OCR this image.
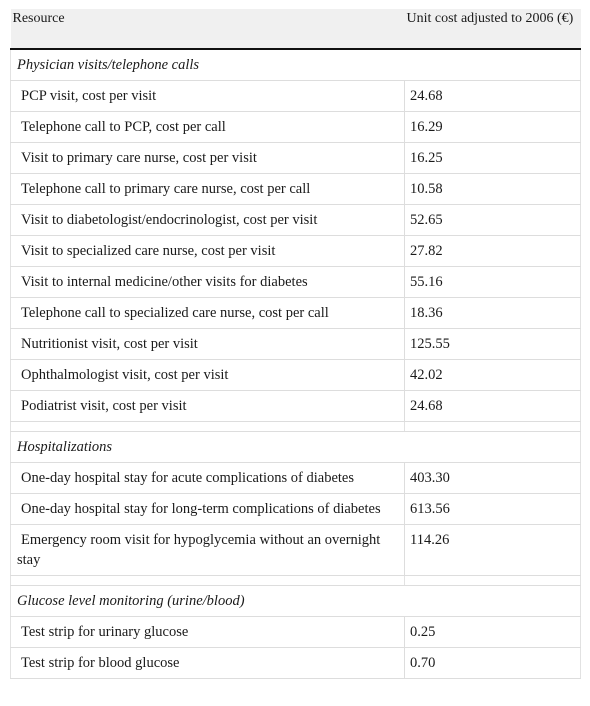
Resource	Unit cost adjusted to 2006 (€)
Physician visits/telephone calls	
PCP visit, cost per visit	24.68
Telephone call to PCP, cost per call	16.29
Visit to primary care nurse, cost per visit	16.25
Telephone call to primary care nurse, cost per call	10.58
Visit to diabetologist/endocrinologist, cost per visit	52.65
Visit to specialized care nurse, cost per visit	27.82
Visit to internal medicine/other visits for diabetes	55.16
Telephone call to specialized care nurse, cost per call	18.36
Nutritionist visit, cost per visit	125.55
Ophthalmologist visit, cost per visit	42.02
Podiatrist visit, cost per visit	24.68

Hospitalizations	
One-day hospital stay for acute complications of diabetes	403.30
One-day hospital stay for long-term complications of diabetes	613.56
Emergency room visit for hypoglycemia without an overnight stay	114.26

Glucose level monitoring (urine/blood)	
Test strip for urinary glucose	0.25
Test strip for blood glucose	0.70
